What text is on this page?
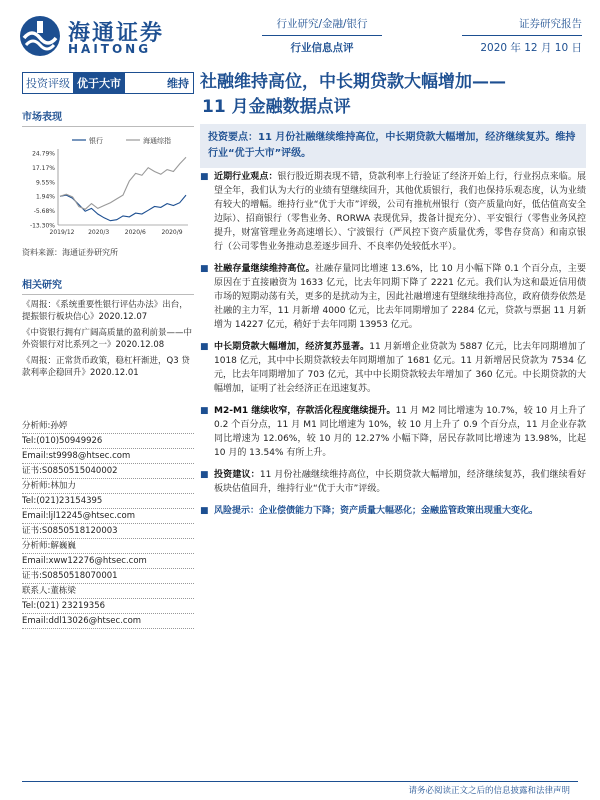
海通证券
HAITONG
行业研究/金融/银行
行业信息点评
证券研究报告
2020 年 12 月 10 日
投资评级 优于大市	维持
市场表现
银行	海通综指
24.79%
17.17%
9.55%
1.94%
-5.68%
-13.30%
2019/12 2020/3	2020/6	2020/9
资料来源：海通证券研究所
相关研究
《周报：《系统重要性银行评估办法》出台，提振银行板块信心》2020.12.07
《中资银行拥有广阔高质量的盈利前景——中外资银行对比系列之一》2020.12.08
《周报：正常货币政策，稳杠杆渐进，Q3 贷款利率企稳回升》2020.12.01
分析师:孙婷
Tel:(010)50949926
Email:st9998@htsec.com
证书:S0850515040002
分析师:林加力
Tel:(021)23154395
Email:ljl12245@htsec.com
证书:S0850518120003
分析师:解巍巍
Email:xww12276@htsec.com
证书:S0850518070001
联系人:董栋梁
Tel:(021) 23219356
Email:ddl13026@htsec.com
社融维持高位，中长期贷款大幅增加——
11 月金融数据点评
投资要点：11 月份社融继续维持高位，中长期贷款大幅增加，经济继续复苏。维持行业“优于大市”评级。
■ 近期行业观点：银行股近期表现不错，贷款利率上行验证了经济开始上行，行业拐点来临。展望全年，我们认为大行的业绩有望继续回升，其他优质银行，我们也保持乐观态度，认为业绩有较大的增幅。维持行业“优于大市”评级，公司有推杭州银行（资产质量向好，低估值高安全边际）、招商银行（零售业务、RORWA 表现优异，拨备计提充分）、平安银行（零售业务风控提升，财富管理业务高速增长）、宁波银行（严风控下资产质量优秀，零售存贷高）和南京银行（公司零售业务推动息差逐步回升、不良率仍处较低水平）。
■ 社融存量继续维持高位。社融存量同比增速 13.6%，比 10 月小幅下降 0.1 个百分点，主要原因在于直接融资为 1633 亿元，比去年同期下降了 2221 亿元。我们认为这和最近信用债市场的短期动荡有关，更多的是扰动为主，因此社融增速有望继续维持高位，政府债券依然是社融的主力军，11 月新增 4000 亿元，比去年同期增加了 2284 亿元，贷款与票据 11 月新增为 14227 亿元，稍好于去年同期 13953 亿元。
■ 中长期贷款大幅增加，经济复苏显著。11 月新增企业贷款为 5887 亿元，比去年同期增加了 1018 亿元，其中中长期贷款较去年同期增加了 1681 亿元。11 月新增居民贷款为 7534 亿元，比去年同期增加了 703 亿元，其中中长期贷款较去年增加了 360 亿元。中长期贷款的大幅增加，证明了社会经济正在迅速复苏。
■ M2-M1 继续收窄，存款活化程度继续提升。11 月 M2 同比增速为 10.7%，较 10 月上升了 0.2 个百分点，11 月 M1 同比增速为 10%，较 10 月上升了 0.9 个百分点，11 月企业存款同比增速为 12.06%，较 10 月的 12.27% 小幅下降，居民存款同比增速为 13.98%，比起 10 月的 13.54% 有所上升。
■ 投资建议：11 月份社融继续维持高位，中长期贷款大幅增加，经济继续复苏，我们继续看好板块估值回升，维持行业“优于大市”评级。
■ 风险提示：企业偿债能力下降；资产质量大幅恶化；金融监管政策出现重大变化。
请务必阅读正文之后的信息披露和法律声明
